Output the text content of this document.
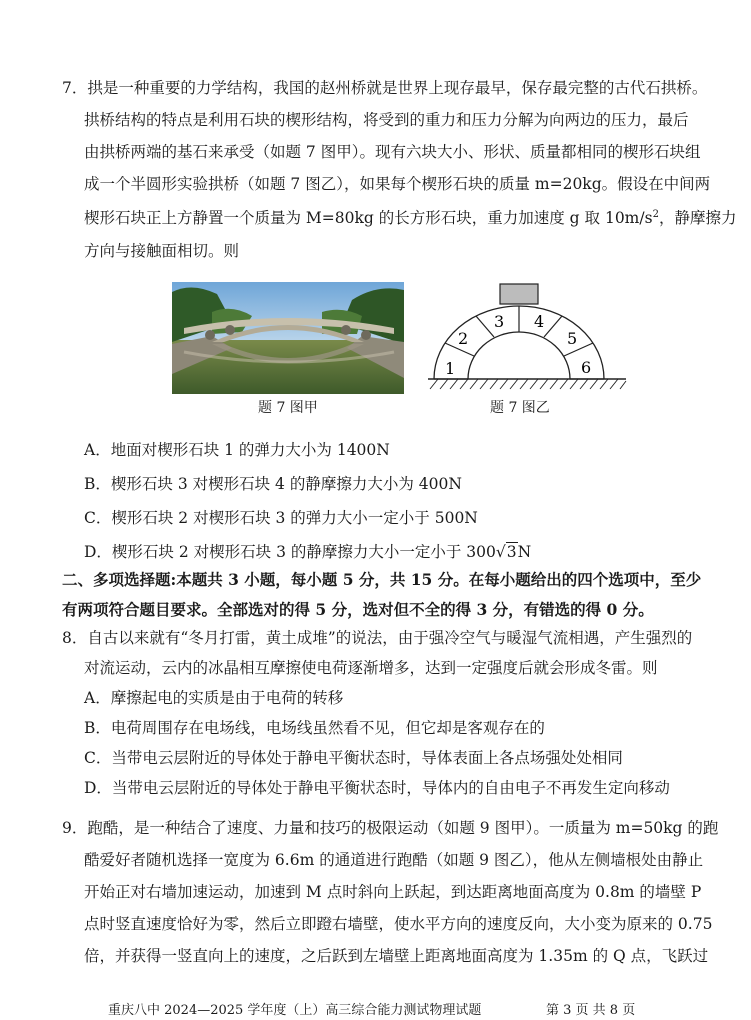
7．拱是一种重要的力学结构，我国的赵州桥就是世界上现存最早，保存最完整的古代石拱桥。
拱桥结构的特点是利用石块的楔形结构，将受到的重力和压力分解为向两边的压力，最后
由拱桥两端的基石来承受（如题 7 图甲）。现有六块大小、形状、质量都相同的楔形石块组
成一个半圆形实验拱桥（如题 7 图乙），如果每个楔形石块的质量 m=20kg。假设在中间两
楔形石块正上方静置一个质量为 M=80kg 的长方形石块，重力加速度 g 取 $10m/s^2$，静摩擦力
方向与接触面相切。则
题 7 图甲
1
2
3 4
5
6
题 7 图乙
A．地面对楔形石块 1 的弹力大小为 1400N
B．楔形石块 3 对楔形石块 4 的静摩擦力大小为 400N
C．楔形石块 2 对楔形石块 3 的弹力大小一定小于 500N
D．楔形石块 2 对楔形石块 3 的静摩擦力大小一定小于 300√3N
二、多项选择题:本题共 3 小题，每小题 5 分，共 15 分。在每小题给出的四个选项中，至少
有两项符合题目要求。全部选对的得 5 分，选对但不全的得 3 分，有错选的得 0 分。
8．自古以来就有“冬月打雷，黄土成堆”的说法，由于强冷空气与暖湿气流相遇，产生强烈的
对流运动，云内的冰晶相互摩擦使电荷逐渐增多，达到一定强度后就会形成冬雷。则
A．摩擦起电的实质是由于电荷的转移
B．电荷周围存在电场线，电场线虽然看不见，但它却是客观存在的
C．当带电云层附近的导体处于静电平衡状态时，导体表面上各点场强处处相同
D．当带电云层附近的导体处于静电平衡状态时，导体内的自由电子不再发生定向移动
9．跑酷，是一种结合了速度、力量和技巧的极限运动（如题 9 图甲）。一质量为 m=50kg 的跑
酷爱好者随机选择一宽度为 6.6m 的通道进行跑酷（如题 9 图乙），他从左侧墙根处由静止
开始正对右墙加速运动，加速到 M 点时斜向上跃起，到达距离地面高度为 0.8m 的墙壁 P
点时竖直速度恰好为零，然后立即蹬右墙壁，使水平方向的速度反向，大小变为原来的 0.75
倍，并获得一竖直向上的速度，之后跃到左墙壁上距离地面高度为 1.35m 的 Q 点，飞跃过
重庆八中 2024—2025 学年度（上）高三综合能力测试物理试题	第 3 页 共 8 页
